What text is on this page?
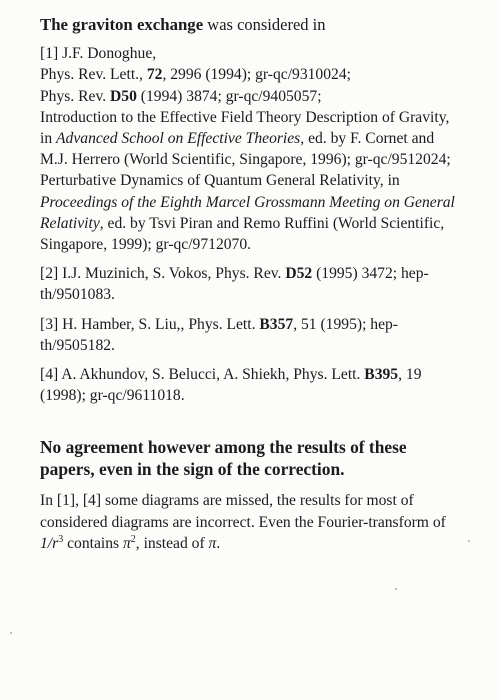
The graviton exchange was considered in

[1] J.F. Donoghue,
Phys. Rev. Lett., 72, 2996 (1994); gr-qc/9310024;
Phys. Rev. D50 (1994) 3874; gr-qc/9405057;
Introduction to the Effective Field Theory Description of Gravity, in Advanced School on Effective Theories, ed. by F. Cornet and M.J. Herrero (World Scientific, Singapore, 1996); gr-qc/9512024;
Perturbative Dynamics of Quantum General Relativity, in Proceedings of the Eighth Marcel Grossmann Meeting on General Relativity, ed. by Tsvi Piran and Remo Ruffini (World Scientific, Singapore, 1999); gr-qc/9712070.

[2] I.J. Muzinich, S. Vokos, Phys. Rev. D52 (1995) 3472; hep-th/9501083.

[3] H. Hamber, S. Liu,, Phys. Lett. B357, 51 (1995); hep-th/9505182.

[4] A. Akhundov, S. Belucci, A. Shiekh, Phys. Lett. B395, 19 (1998); gr-qc/9611018.

No agreement however among the results of these papers, even in the sign of the correction.

In [1], [4] some diagrams are missed, the results for most of considered diagrams are incorrect. Even the Fourier-transform of $1/r^3$ contains $\pi^2$, instead of π.
